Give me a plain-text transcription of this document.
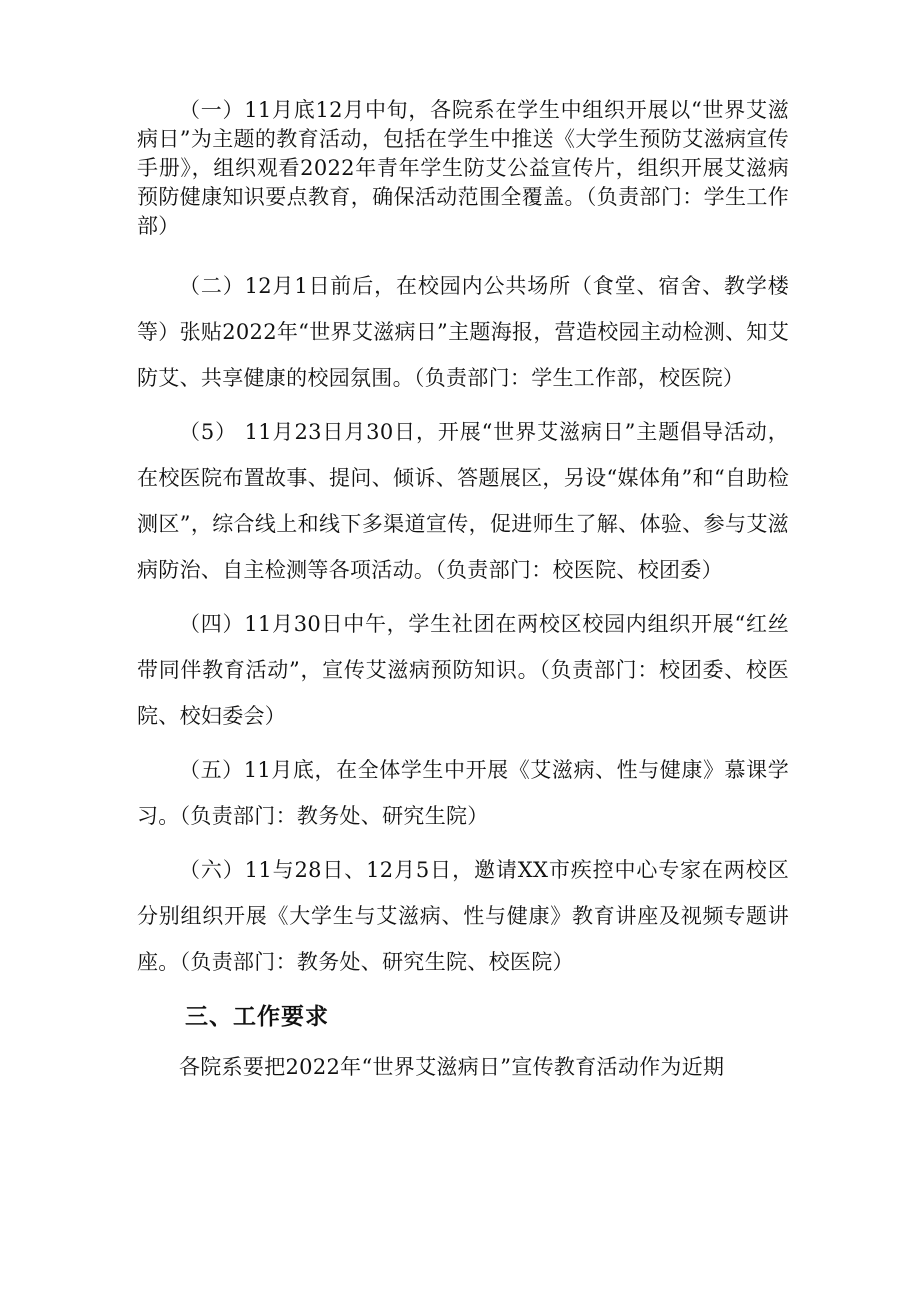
（一）11月底12月中旬，各院系在学生中组织开展以“世界艾滋病日”为主题的教育活动，包括在学生中推送《大学生预防艾滋病宣传手册》，组织观看2022年青年学生防艾公益宣传片，组织开展艾滋病预防健康知识要点教育，确保活动范围全覆盖。（负责部门：学生工作部）

（二）12月1日前后，在校园内公共场所（食堂、宿舍、教学楼等）张贴2022年“世界艾滋病日”主题海报，营造校园主动检测、知艾防艾、共享健康的校园氛围。（负责部门：学生工作部，校医院）

（5） 11月23日月30日，开展“世界艾滋病日”主题倡导活动，在校医院布置故事、提问、倾诉、答题展区，另设“媒体角”和“自助检测区”，综合线上和线下多渠道宣传，促进师生了解、体验、参与艾滋病防治、自主检测等各项活动。（负责部门：校医院、校团委）

（四）11月30日中午，学生社团在两校区校园内组织开展“红丝带同伴教育活动”，宣传艾滋病预防知识。（负责部门：校团委、校医院、校妇委会）

（五）11月底，在全体学生中开展《艾滋病、性与健康》慕课学习。（负责部门：教务处、研究生院）

（六）11与28日、12月5日，邀请XX市疾控中心专家在两校区分别组织开展《大学生与艾滋病、性与健康》教育讲座及视频专题讲座。（负责部门：教务处、研究生院、校医院）

三、工作要求

各院系要把2022年“世界艾滋病日”宣传教育活动作为近期
